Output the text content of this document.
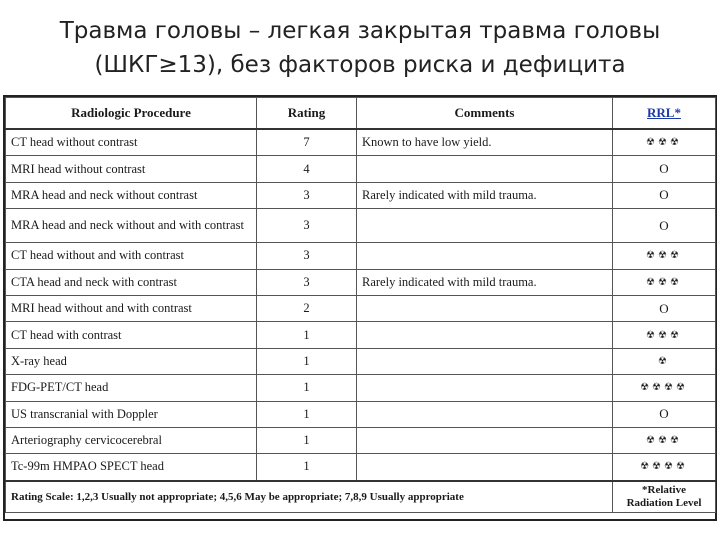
Травма головы – легкая закрытая травма головы
(ШКГ≥13), без факторов риска и дефицита
Radiologic Procedure	Rating	Comments	RRL*
CT head without contrast	7	Known to have low yield.	☢☢☢
MRI head without contrast	4		O
MRA head and neck without contrast	3	Rarely indicated with mild trauma.	O
MRA head and neck without and with contrast	3		O
CT head without and with contrast	3		☢☢☢
CTA head and neck with contrast	3	Rarely indicated with mild trauma.	☢☢☢
MRI head without and with contrast	2		O
CT head with contrast	1		☢☢☢
X-ray head	1		☢
FDG-PET/CT head	1		☢☢☢☢
US transcranial with Doppler	1		O
Arteriography cervicocerebral	1		☢☢☢
Tc-99m HMPAO SPECT head	1		☢☢☢☢
Rating Scale: 1,2,3 Usually not appropriate; 4,5,6 May be appropriate; 7,8,9 Usually appropriate			*Relative
Radiation Level
